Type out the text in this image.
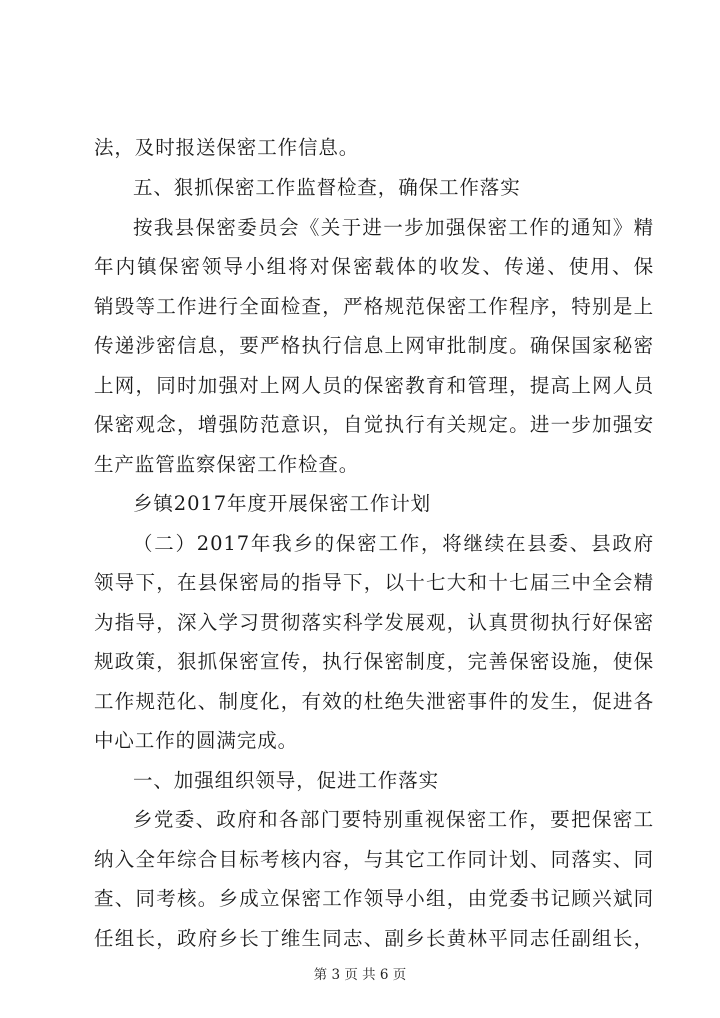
法，及时报送保密工作信息。
五、狠抓保密工作监督检查，确保工作落实
按我县保密委员会《关于进一步加强保密工作的通知》精
年内镇保密领导小组将对保密载体的收发、传递、使用、保
销毁等工作进行全面检查，严格规范保密工作程序，特别是上
传递涉密信息，要严格执行信息上网审批制度。确保国家秘密
上网，同时加强对上网人员的保密教育和管理，提高上网人员
保密观念，增强防范意识，自觉执行有关规定。进一步加强安
生产监管监察保密工作检查。
乡镇2017年度开展保密工作计划
（二）2017年我乡的保密工作，将继续在县委、县政府
领导下，在县保密局的指导下，以十七大和十七届三中全会精
为指导，深入学习贯彻落实科学发展观，认真贯彻执行好保密
规政策，狠抓保密宣传，执行保密制度，完善保密设施，使保
工作规范化、制度化，有效的杜绝失泄密事件的发生，促进各
中心工作的圆满完成。
一、加强组织领导，促进工作落实
乡党委、政府和各部门要特别重视保密工作，要把保密工
纳入全年综合目标考核内容，与其它工作同计划、同落实、同
查、同考核。乡成立保密工作领导小组，由党委书记顾兴斌同
任组长，政府乡长丁维生同志、副乡长黄林平同志任副组长，
第 3 页 共 6 页
